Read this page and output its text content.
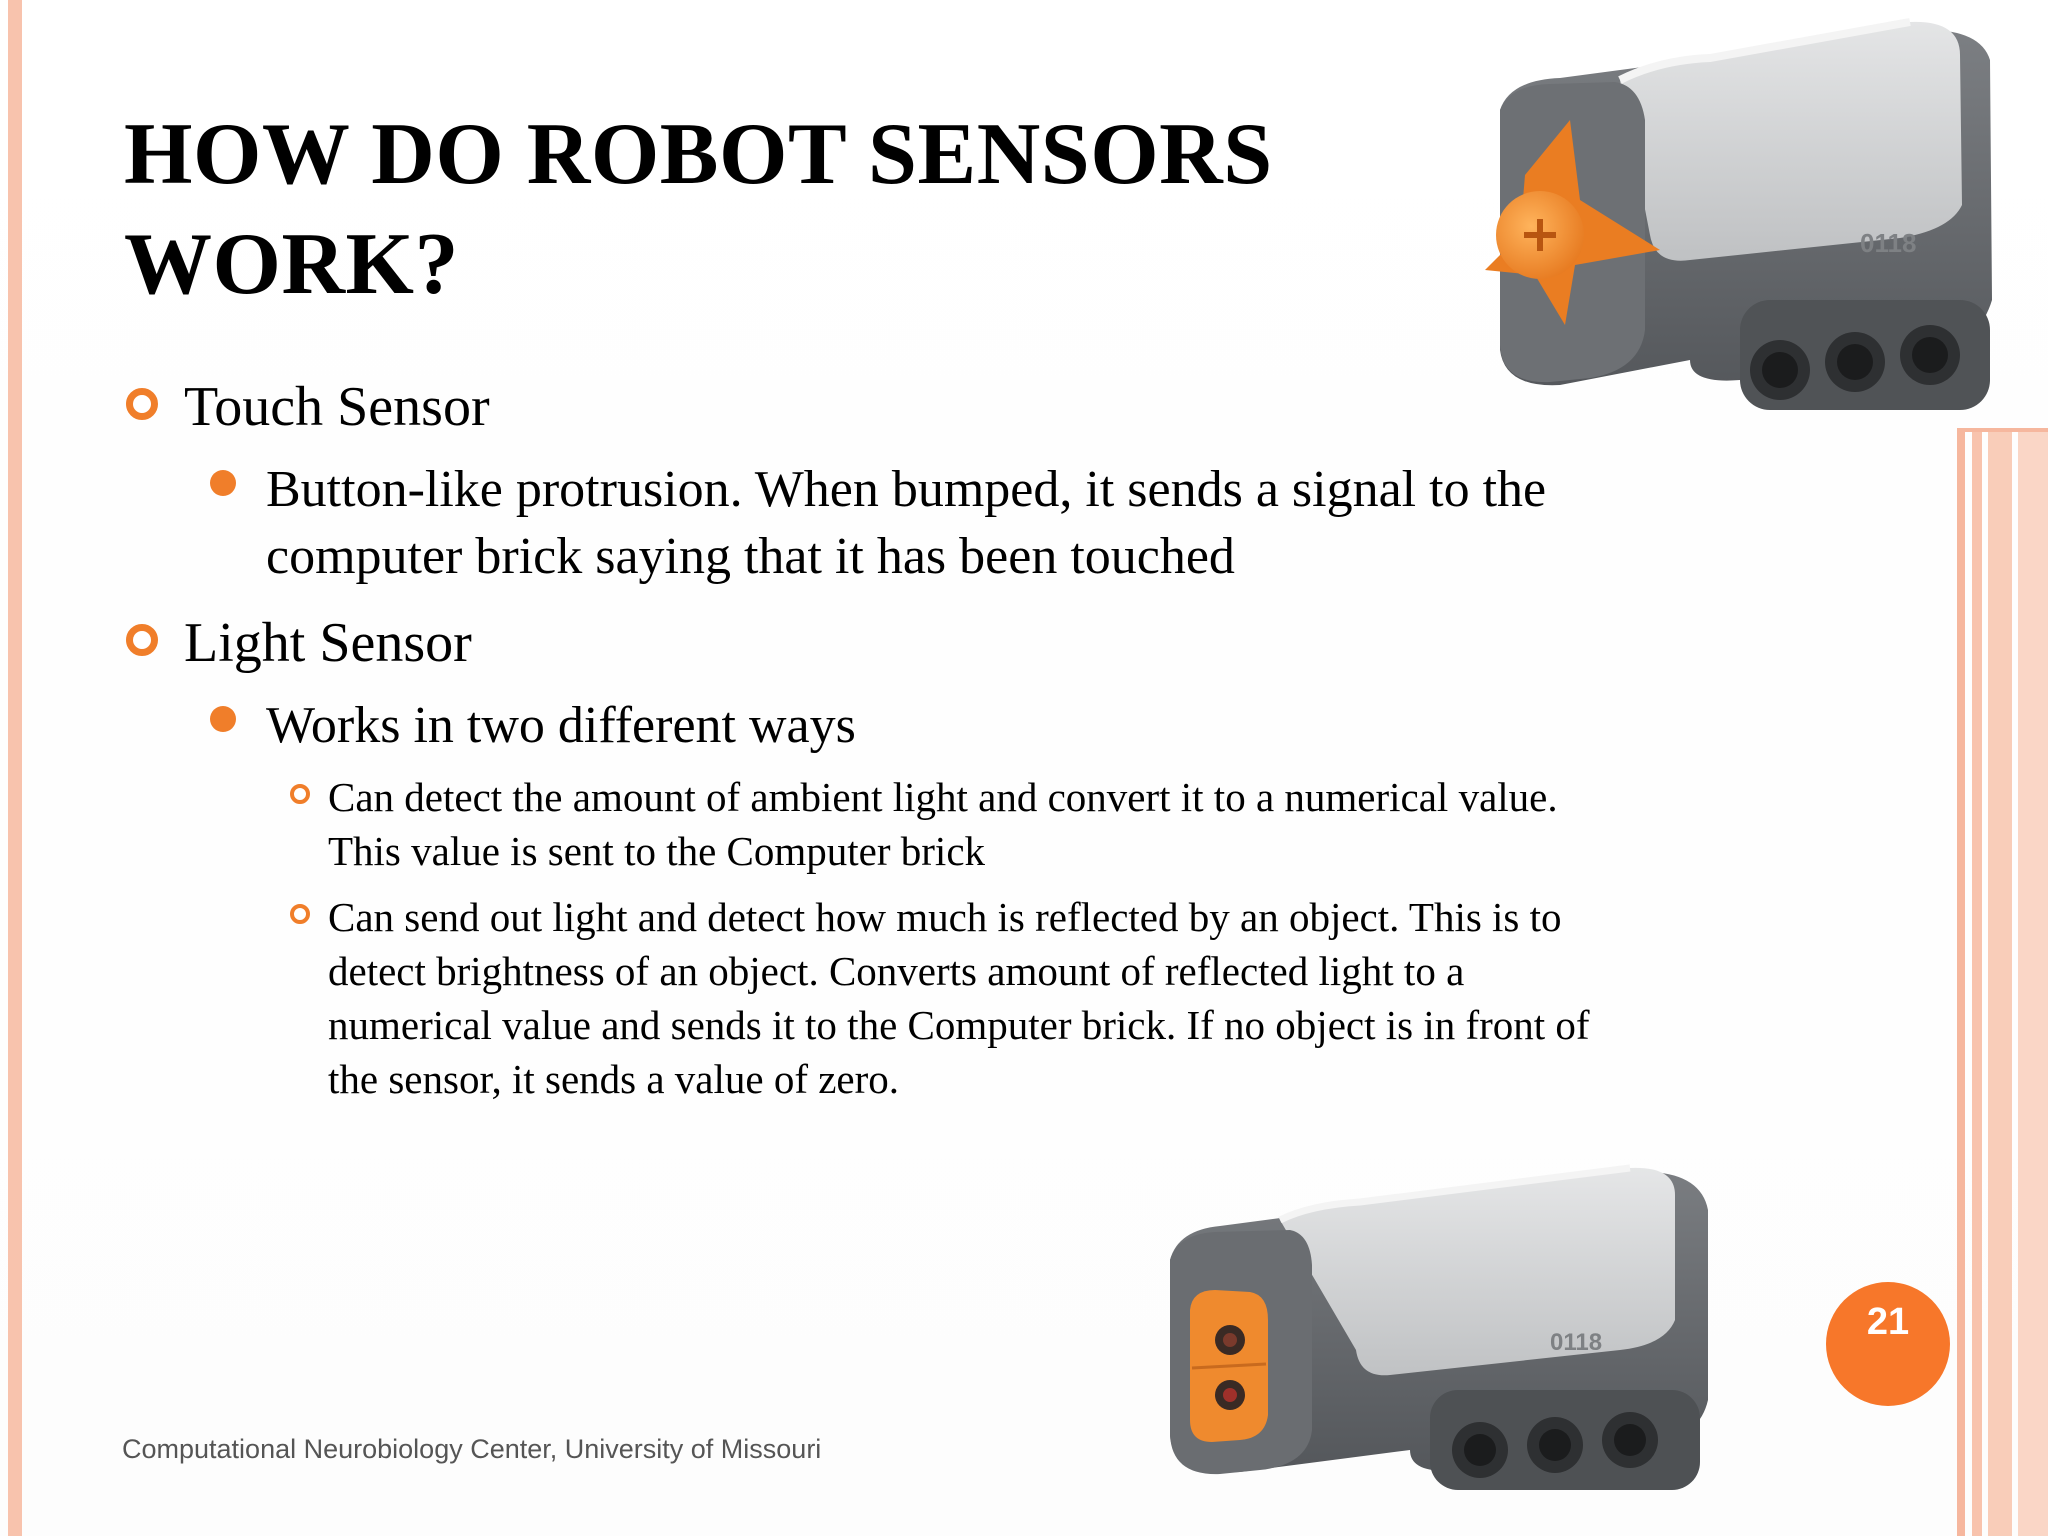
HOW DO ROBOT SENSORS
WORK?
Touch Sensor
Button-like protrusion. When bumped, it sends a signal to the
computer brick saying that it has been touched
Light Sensor
Works in two different ways
Can detect the amount of ambient light and convert it to a numerical value.
This value is sent to the Computer brick
Can send out light and detect how much is reflected by an object. This is to
detect brightness of an object. Converts amount of reflected light to a
numerical value and sends it to the Computer brick. If no object is in front of
the sensor, it sends a value of zero.
0118
0118
Computational Neurobiology Center, University of Missouri
21
